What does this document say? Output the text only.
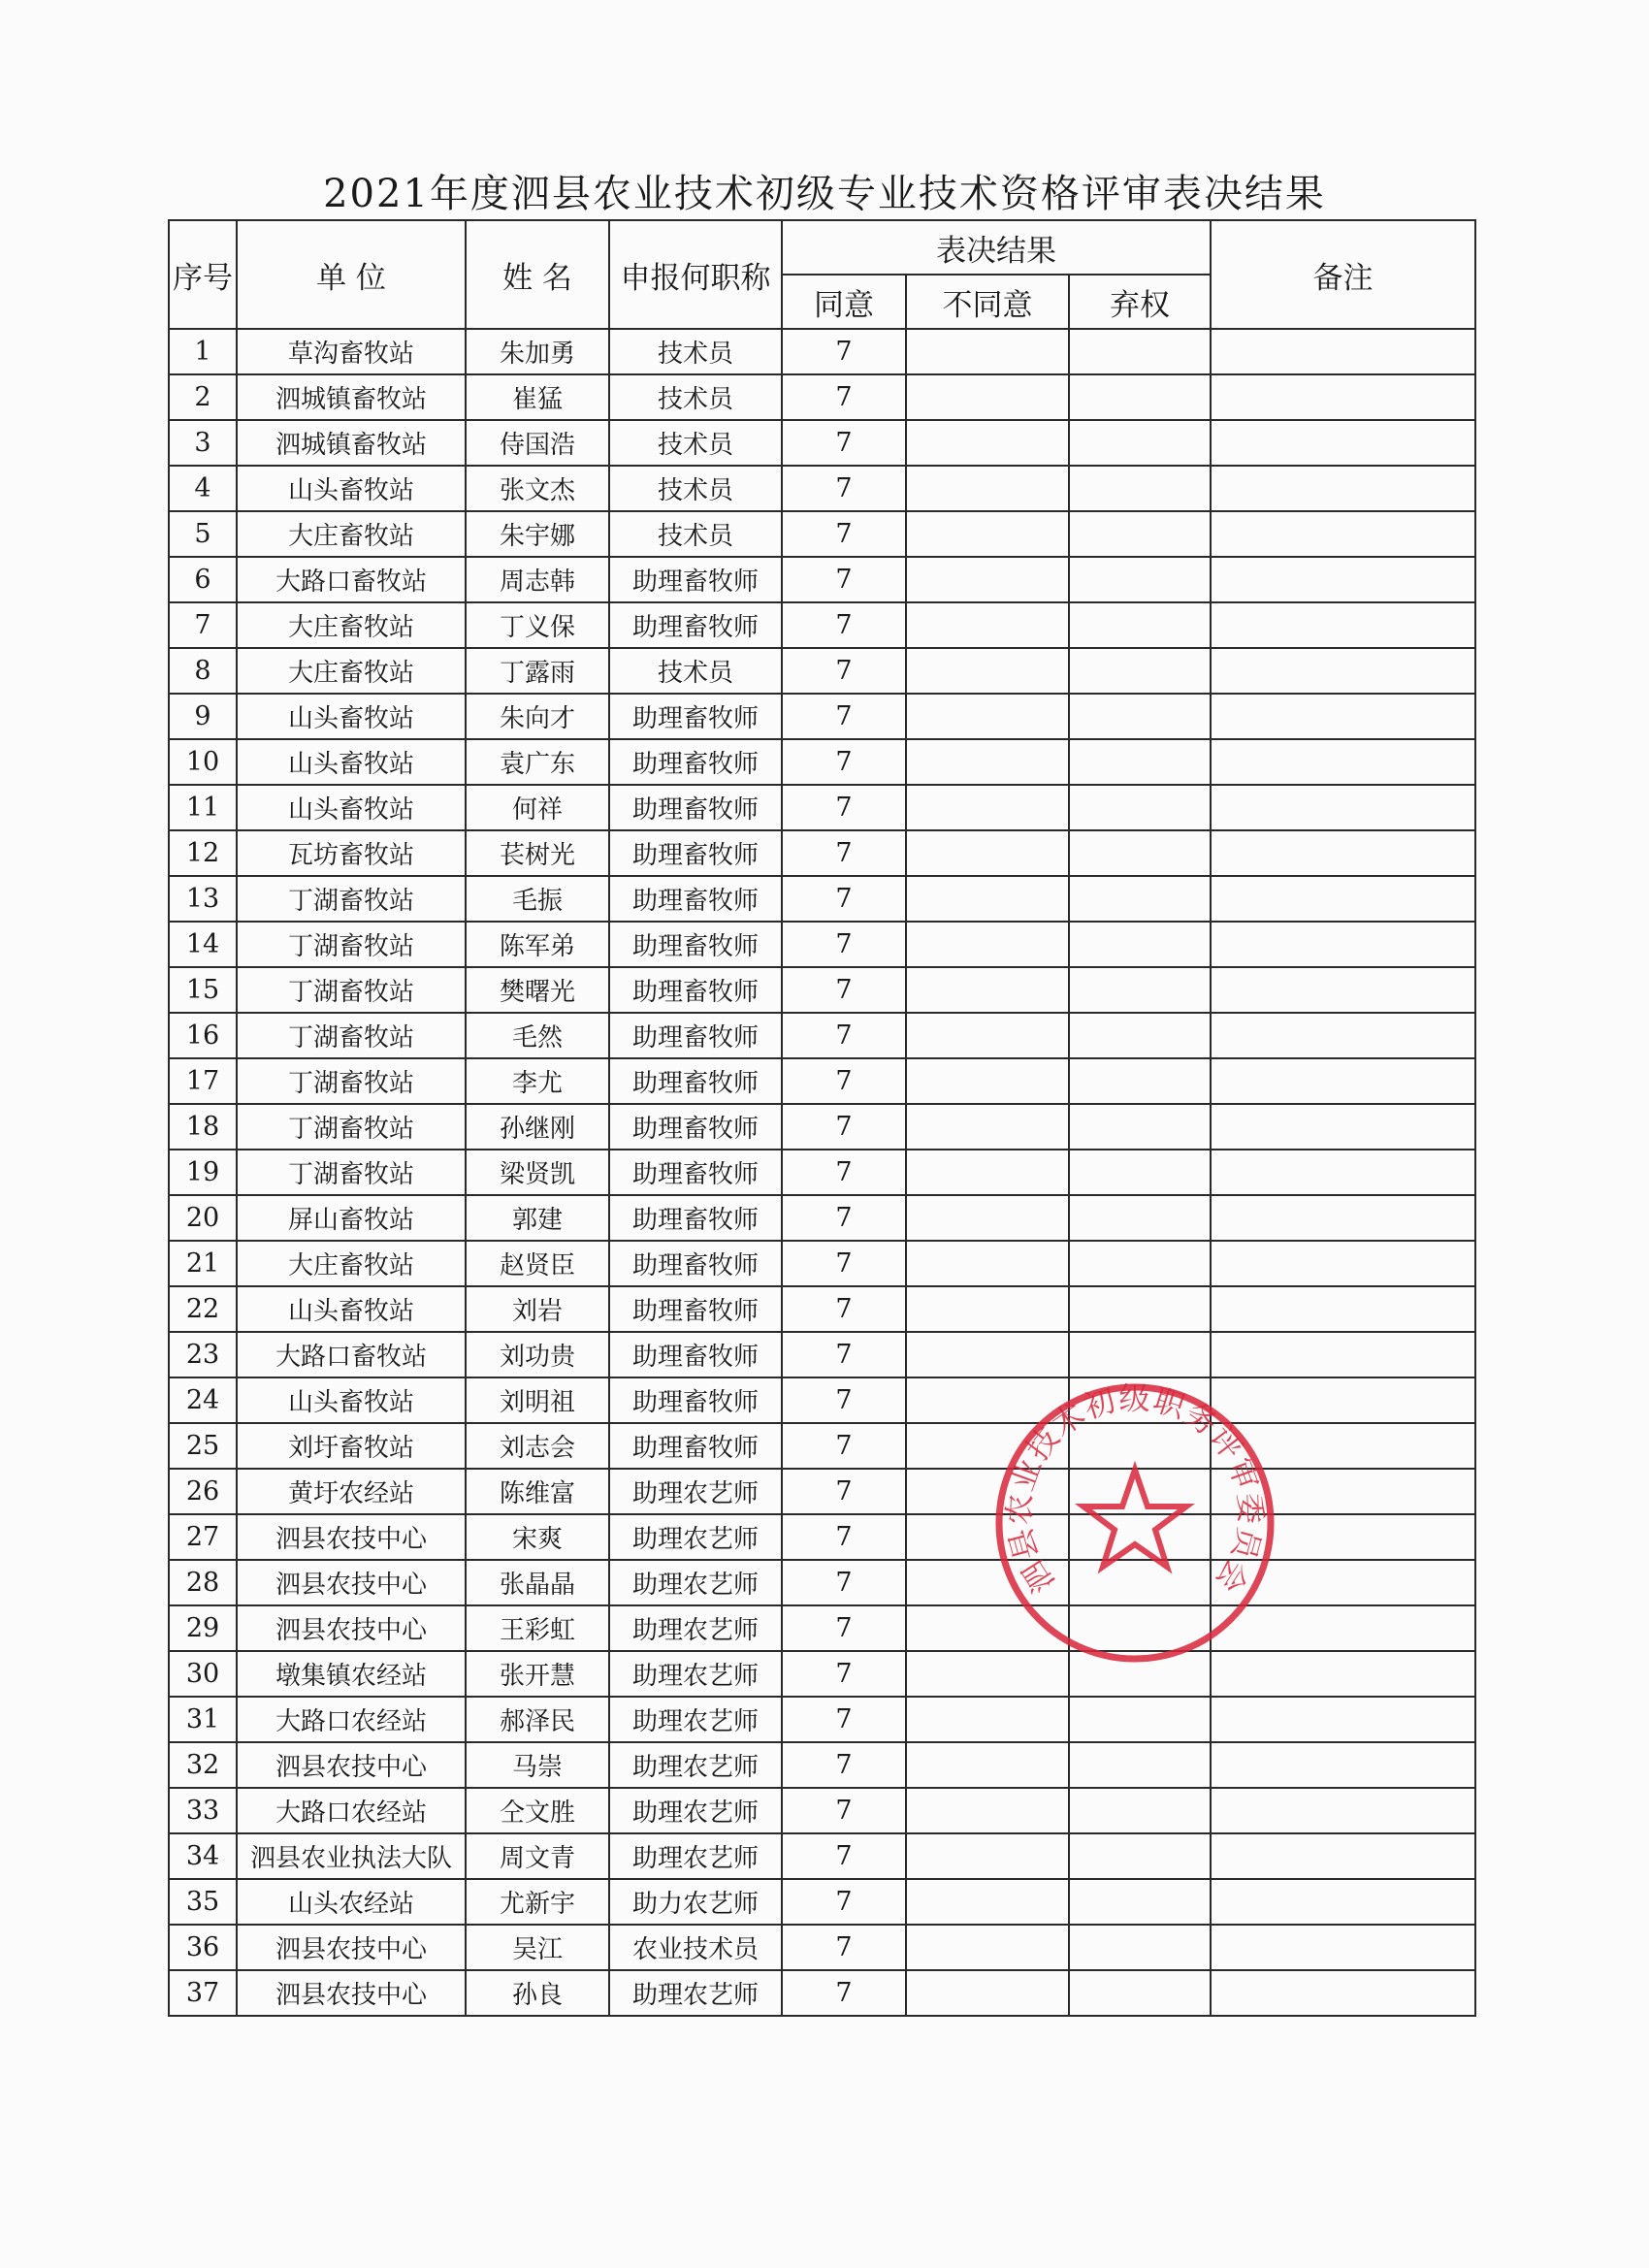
2021年度泗县农业技术初级专业技术资格评审表决结果
序号	单 位	姓 名	申报何职称	表决结果			备注
				同意	不同意	弃权	
1	草沟畜牧站	朱加勇	技术员	7			
2	泗城镇畜牧站	崔猛	技术员	7			
3	泗城镇畜牧站	侍国浩	技术员	7			
4	山头畜牧站	张文杰	技术员	7			
5	大庄畜牧站	朱宇娜	技术员	7			
6	大路口畜牧站	周志韩	助理畜牧师	7			
7	大庄畜牧站	丁义保	助理畜牧师	7			
8	大庄畜牧站	丁露雨	技术员	7			
9	山头畜牧站	朱向才	助理畜牧师	7			
10	山头畜牧站	袁广东	助理畜牧师	7			
11	山头畜牧站	何祥	助理畜牧师	7			
12	瓦坊畜牧站	苌树光	助理畜牧师	7			
13	丁湖畜牧站	毛振	助理畜牧师	7			
14	丁湖畜牧站	陈军弟	助理畜牧师	7			
15	丁湖畜牧站	樊曙光	助理畜牧师	7			
16	丁湖畜牧站	毛然	助理畜牧师	7			
17	丁湖畜牧站	李尤	助理畜牧师	7			
18	丁湖畜牧站	孙继刚	助理畜牧师	7			
19	丁湖畜牧站	梁贤凯	助理畜牧师	7			
20	屏山畜牧站	郭建	助理畜牧师	7			
21	大庄畜牧站	赵贤臣	助理畜牧师	7			
22	山头畜牧站	刘岩	助理畜牧师	7			
23	大路口畜牧站	刘功贵	助理畜牧师	7			
24	山头畜牧站	刘明祖	助理畜牧师	7			
25	刘圩畜牧站	刘志会	助理畜牧师	7			
26	黄圩农经站	陈维富	助理农艺师	7			
27	泗县农技中心	宋爽	助理农艺师	7			
28	泗县农技中心	张晶晶	助理农艺师	7			
29	泗县农技中心	王彩虹	助理农艺师	7			
30	墩集镇农经站	张开慧	助理农艺师	7			
31	大路口农经站	郝泽民	助理农艺师	7			
32	泗县农技中心	马崇	助理农艺师	7			
33	大路口农经站	仝文胜	助理农艺师	7			
34	泗县农业执法大队	周文青	助理农艺师	7			
35	山头农经站	尤新宇	助力农艺师	7			
36	泗县农技中心	吴江	农业技术员	7			
37	泗县农技中心	孙良	助理农艺师	7			
泗县农业技术初级职务评审委员会
